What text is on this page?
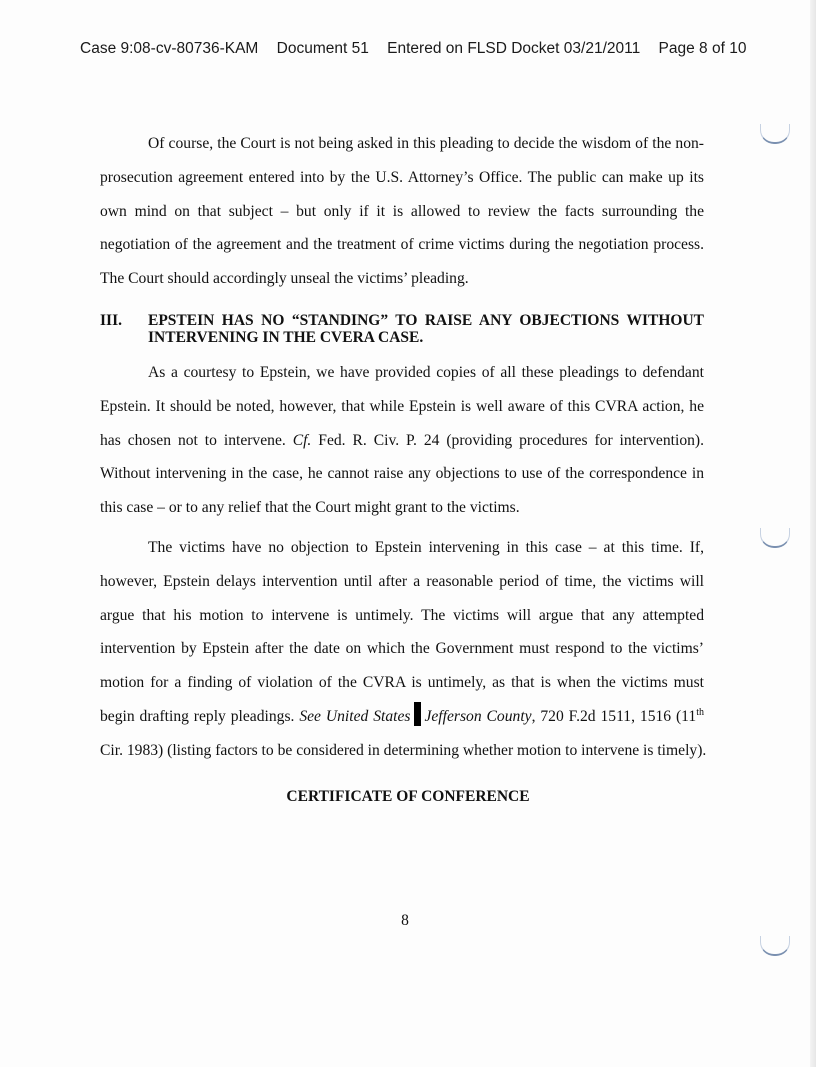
Case 9:08-cv-80736-KAM Document 51 Entered on FLSD Docket 03/21/2011 Page 8 of 10

Of course, the Court is not being asked in this pleading to decide the wisdom of the non-
prosecution agreement entered into by the U.S. Attorney’s Office. The public can make up its
own mind on that subject – but only if it is allowed to review the facts surrounding the
negotiation of the agreement and the treatment of crime victims during the negotiation process.
The Court should accordingly unseal the victims’ pleading.

III. EPSTEIN HAS NO “STANDING” TO RAISE ANY OBJECTIONS WITHOUT
INTERVENING IN THE CVERA CASE.

As a courtesy to Epstein, we have provided copies of all these pleadings to defendant
Epstein. It should be noted, however, that while Epstein is well aware of this CVRA action, he
has chosen not to intervene. Cf. Fed. R. Civ. P. 24 (providing procedures for intervention).
Without intervening in the case, he cannot raise any objections to use of the correspondence in
this case – or to any relief that the Court might grant to the victims.

The victims have no objection to Epstein intervening in this case – at this time. If,
however, Epstein delays intervention until after a reasonable period of time, the victims will
argue that his motion to intervene is untimely. The victims will argue that any attempted
intervention by Epstein after the date on which the Government must respond to the victims’
motion for a finding of violation of the CVRA is untimely, as that is when the victims must
begin drafting reply pleadings. See United States Jefferson County, 720 F.2d 1511, 1516 (11th
Cir. 1983) (listing factors to be considered in determining whether motion to intervene is timely).

CERTIFICATE OF CONFERENCE
8
